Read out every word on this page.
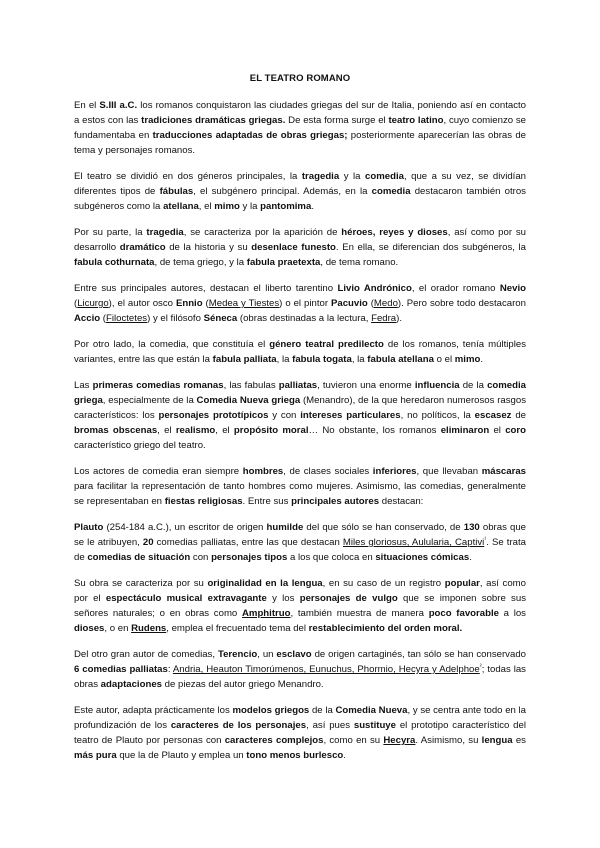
EL TEATRO ROMANO

En el S.III a.C. los romanos conquistaron las ciudades griegas del sur de Italia, poniendo así en contacto a estos con las tradiciones dramáticas griegas. De esta forma surge el teatro latino, cuyo comienzo se fundamentaba en traducciones adaptadas de obras griegas; posteriormente aparecerían las obras de tema y personajes romanos.

El teatro se dividió en dos géneros principales, la tragedia y la comedia, que a su vez, se dividían diferentes tipos de fábulas, el subgénero principal. Además, en la comedia destacaron también otros subgéneros como la atellana, el mimo y la pantomima.

Por su parte, la tragedia, se caracteriza por la aparición de héroes, reyes y dioses, así como por su desarrollo dramático de la historia y su desenlace funesto. En ella, se diferencian dos subgéneros, la fabula cothurnata, de tema griego, y la fabula praetexta, de tema romano.

Entre sus principales autores, destacan el liberto tarentino Livio Andrónico, el orador romano Nevio (Licurgo), el autor osco Ennio (Medea y Tiestes) o el pintor Pacuvio (Medo). Pero sobre todo destacaron Accio (Filoctetes) y el filósofo Séneca (obras destinadas a la lectura, Fedra).

Por otro lado, la comedia, que constituía el género teatral predilecto de los romanos, tenía múltiples variantes, entre las que están la fabula palliata, la fabula togata, la fabula atellana o el mimo.

Las primeras comedias romanas, las fabulas palliatas, tuvieron una enorme influencia de la comedia griega, especialmente de la Comedia Nueva griega (Menandro), de la que heredaron numerosos rasgos característicos: los personajes prototípicos y con intereses particulares, no políticos, la escasez de bromas obscenas, el realismo, el propósito moral… No obstante, los romanos eliminaron el coro característico griego del teatro.

Los actores de comedia eran siempre hombres, de clases sociales inferiores, que llevaban máscaras para facilitar la representación de tanto hombres como mujeres. Asimismo, las comedias, generalmente se representaban en fiestas religiosas. Entre sus principales autores destacan:

Plauto (254-184 a.C.), un escritor de origen humilde del que sólo se han conservado, de 130 obras que se le atribuyen, 20 comedias palliatas, entre las que destacan Miles gloriosus, Aulularia, Captivi$^{^1}$. Se trata de comedias de situación con personajes tipos a los que coloca en situaciones cómicas.

Su obra se caracteriza por su originalidad en la lengua, en su caso de un registro popular, así como por el espectáculo musical extravagante y los personajes de vulgo que se imponen sobre sus señores naturales; o en obras como Amphitruo, también muestra de manera poco favorable a los dioses, o en Rudens, emplea el frecuentado tema del restablecimiento del orden moral.

Del otro gran autor de comedias, Terencio, un esclavo de origen cartaginés, tan sólo se han conservado 6 comedias palliatas: Andria, Heauton Timorúmenos, Eunuchus, Phormio, Hecyra y Adelphoe$^{^2}$; todas las obras adaptaciones de piezas del autor griego Menandro.

Este autor, adapta prácticamente los modelos griegos de la Comedia Nueva, y se centra ante todo en la profundización de los caracteres de los personajes, así pues sustituye el prototipo característico del teatro de Plauto por personas con caracteres complejos, como en su Hecyra. Asimismo, su lengua es más pura que la de Plauto y emplea un tono menos burlesco.
